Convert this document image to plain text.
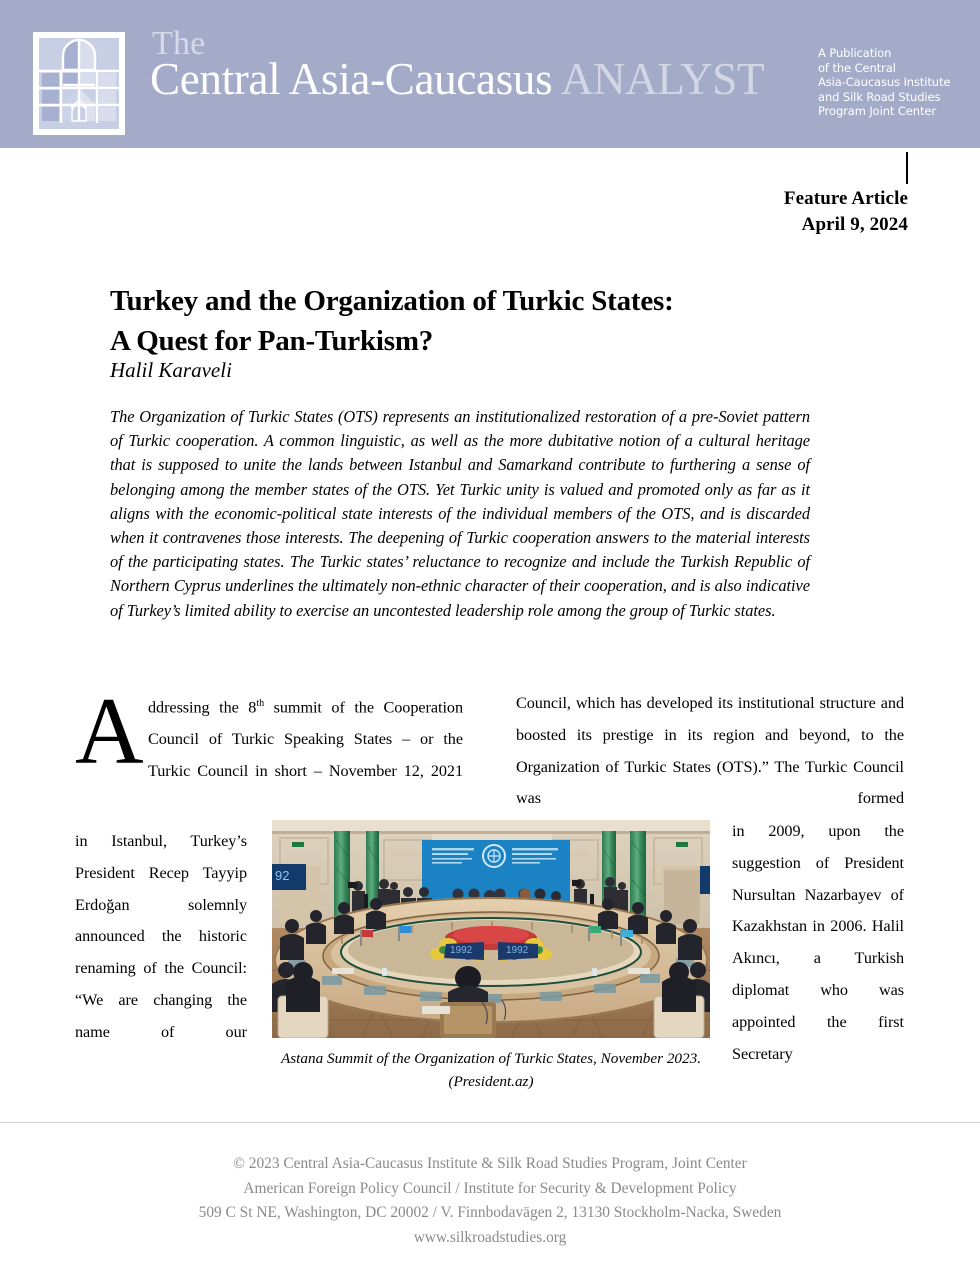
The
Central Asia-Caucasus ANALYST
A Publication
of the Central
Asia-Caucasus Institute
and Silk Road Studies
Program Joint Center
Feature Article
April 9, 2024
Turkey and the Organization of Turkic States:
A Quest for Pan-Turkism?
Halil Karaveli
The Organization of Turkic States (OTS) represents an institutionalized restoration of a pre-Soviet pattern of Turkic cooperation. A common linguistic, as well as the more dubitative notion of a cultural heritage that is supposed to unite the lands between Istanbul and Samarkand contribute to furthering a sense of belonging among the member states of the OTS. Yet Turkic unity is valued and promoted only as far as it aligns with the economic-political state interests of the individual members of the OTS, and is discarded when it contravenes those interests. The deepening of Turkic cooperation answers to the material interests of the participating states. The Turkic states’ reluctance to recognize and include the Turkish Republic of Northern Cyprus underlines the ultimately non-ethnic character of their cooperation, and is also indicative of Turkey’s limited ability to exercise an uncontested leadership role among the group of Turkic states.
A ddressing the 8th summit of the Cooperation Council of Turkic Speaking States – or the Turkic Council in short – November 12, 2021
in Istanbul, Turkey’s President Recep Tayyip Erdoğan solemnly announced the historic renaming of the Council: “We are changing the name of our
Council, which has developed its institutional structure and boosted its prestige in its region and beyond, to the Organization of Turkic States (OTS).” The Turkic Council was formed
in 2009, upon the suggestion of President Nursultan Nazarbayev of Kazakhstan in 2006. Halil Akıncı, a Turkish diplomat who was appointed the first Secretary
92
1992	1992
Astana Summit of the Organization of Turkic States, November 2023. (President.az)
© 2023 Central Asia-Caucasus Institute & Silk Road Studies Program, Joint Center
American Foreign Policy Council / Institute for Security & Development Policy
509 C St NE, Washington, DC 20002 / V. Finnbodavägen 2, 13130 Stockholm-Nacka, Sweden
www.silkroadstudies.org
